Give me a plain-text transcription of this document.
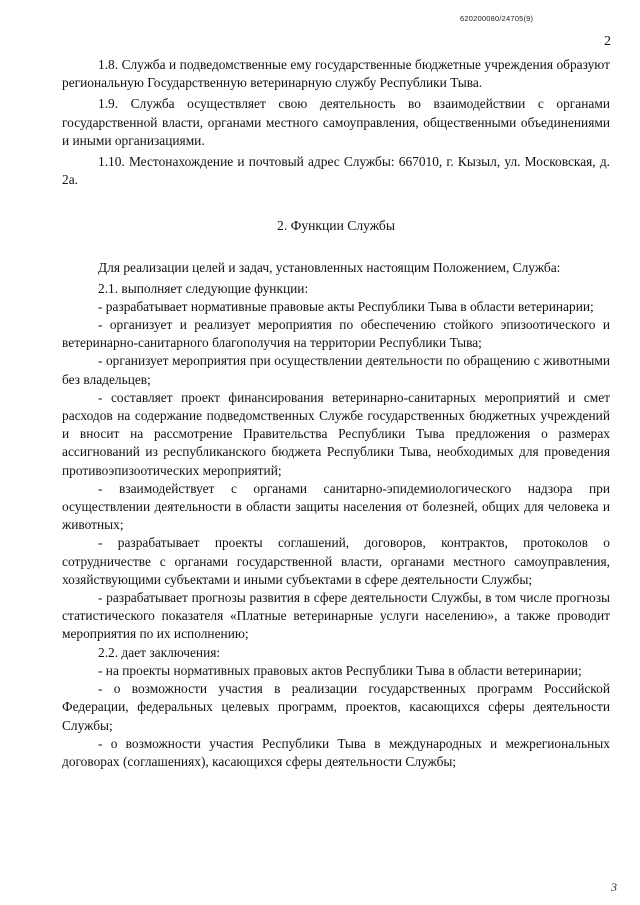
620200080/24705(9)
2

1.8. Служба и подведомственные ему государственные бюджетные учреждения образуют региональную Государственную ветеринарную службу Республики Тыва.

1.9. Служба осуществляет свою деятельность во взаимодействии с органами государственной власти, органами местного самоуправления, общественными объединениями и иными организациями.

1.10. Местонахождение и почтовый адрес Службы: 667010, г. Кызыл, ул. Московская, д. 2а.

2. Функции Службы

Для реализации целей и задач, установленных настоящим Положением, Служба:

2.1. выполняет следующие функции:

- разрабатывает нормативные правовые акты Республики Тыва в области ветеринарии;

- организует и реализует мероприятия по обеспечению стойкого эпизоотического и ветеринарно-санитарного благополучия на территории Республики Тыва;

- организует мероприятия при осуществлении деятельности по обращению с животными без владельцев;

- составляет проект финансирования ветеринарно-санитарных мероприятий и смет расходов на содержание подведомственных Службе государственных бюджетных учреждений и вносит на рассмотрение Правительства Республики Тыва предложения о размерах ассигнований из республиканского бюджета Республики Тыва, необходимых для проведения противоэпизоотических мероприятий;

- взаимодействует с органами санитарно-эпидемиологического надзора при осуществлении деятельности в области защиты населения от болезней, общих для человека и животных;

- разрабатывает проекты соглашений, договоров, контрактов, протоколов о сотрудничестве с органами государственной власти, органами местного самоуправления, хозяйствующими субъектами и иными субъектами в сфере деятельности Службы;

- разрабатывает прогнозы развития в сфере деятельности Службы, в том числе прогнозы статистического показателя «Платные ветеринарные услуги населению», а также проводит мероприятия по их исполнению;

2.2. дает заключения:

- на проекты нормативных правовых актов Республики Тыва в области ветеринарии;

- о возможности участия в реализации государственных программ Российской Федерации, федеральных целевых программ, проектов, касающихся сферы деятельности Службы;

- о возможности участия Республики Тыва в международных и межрегиональных договорах (соглашениях), касающихся сферы деятельности Службы;

3
